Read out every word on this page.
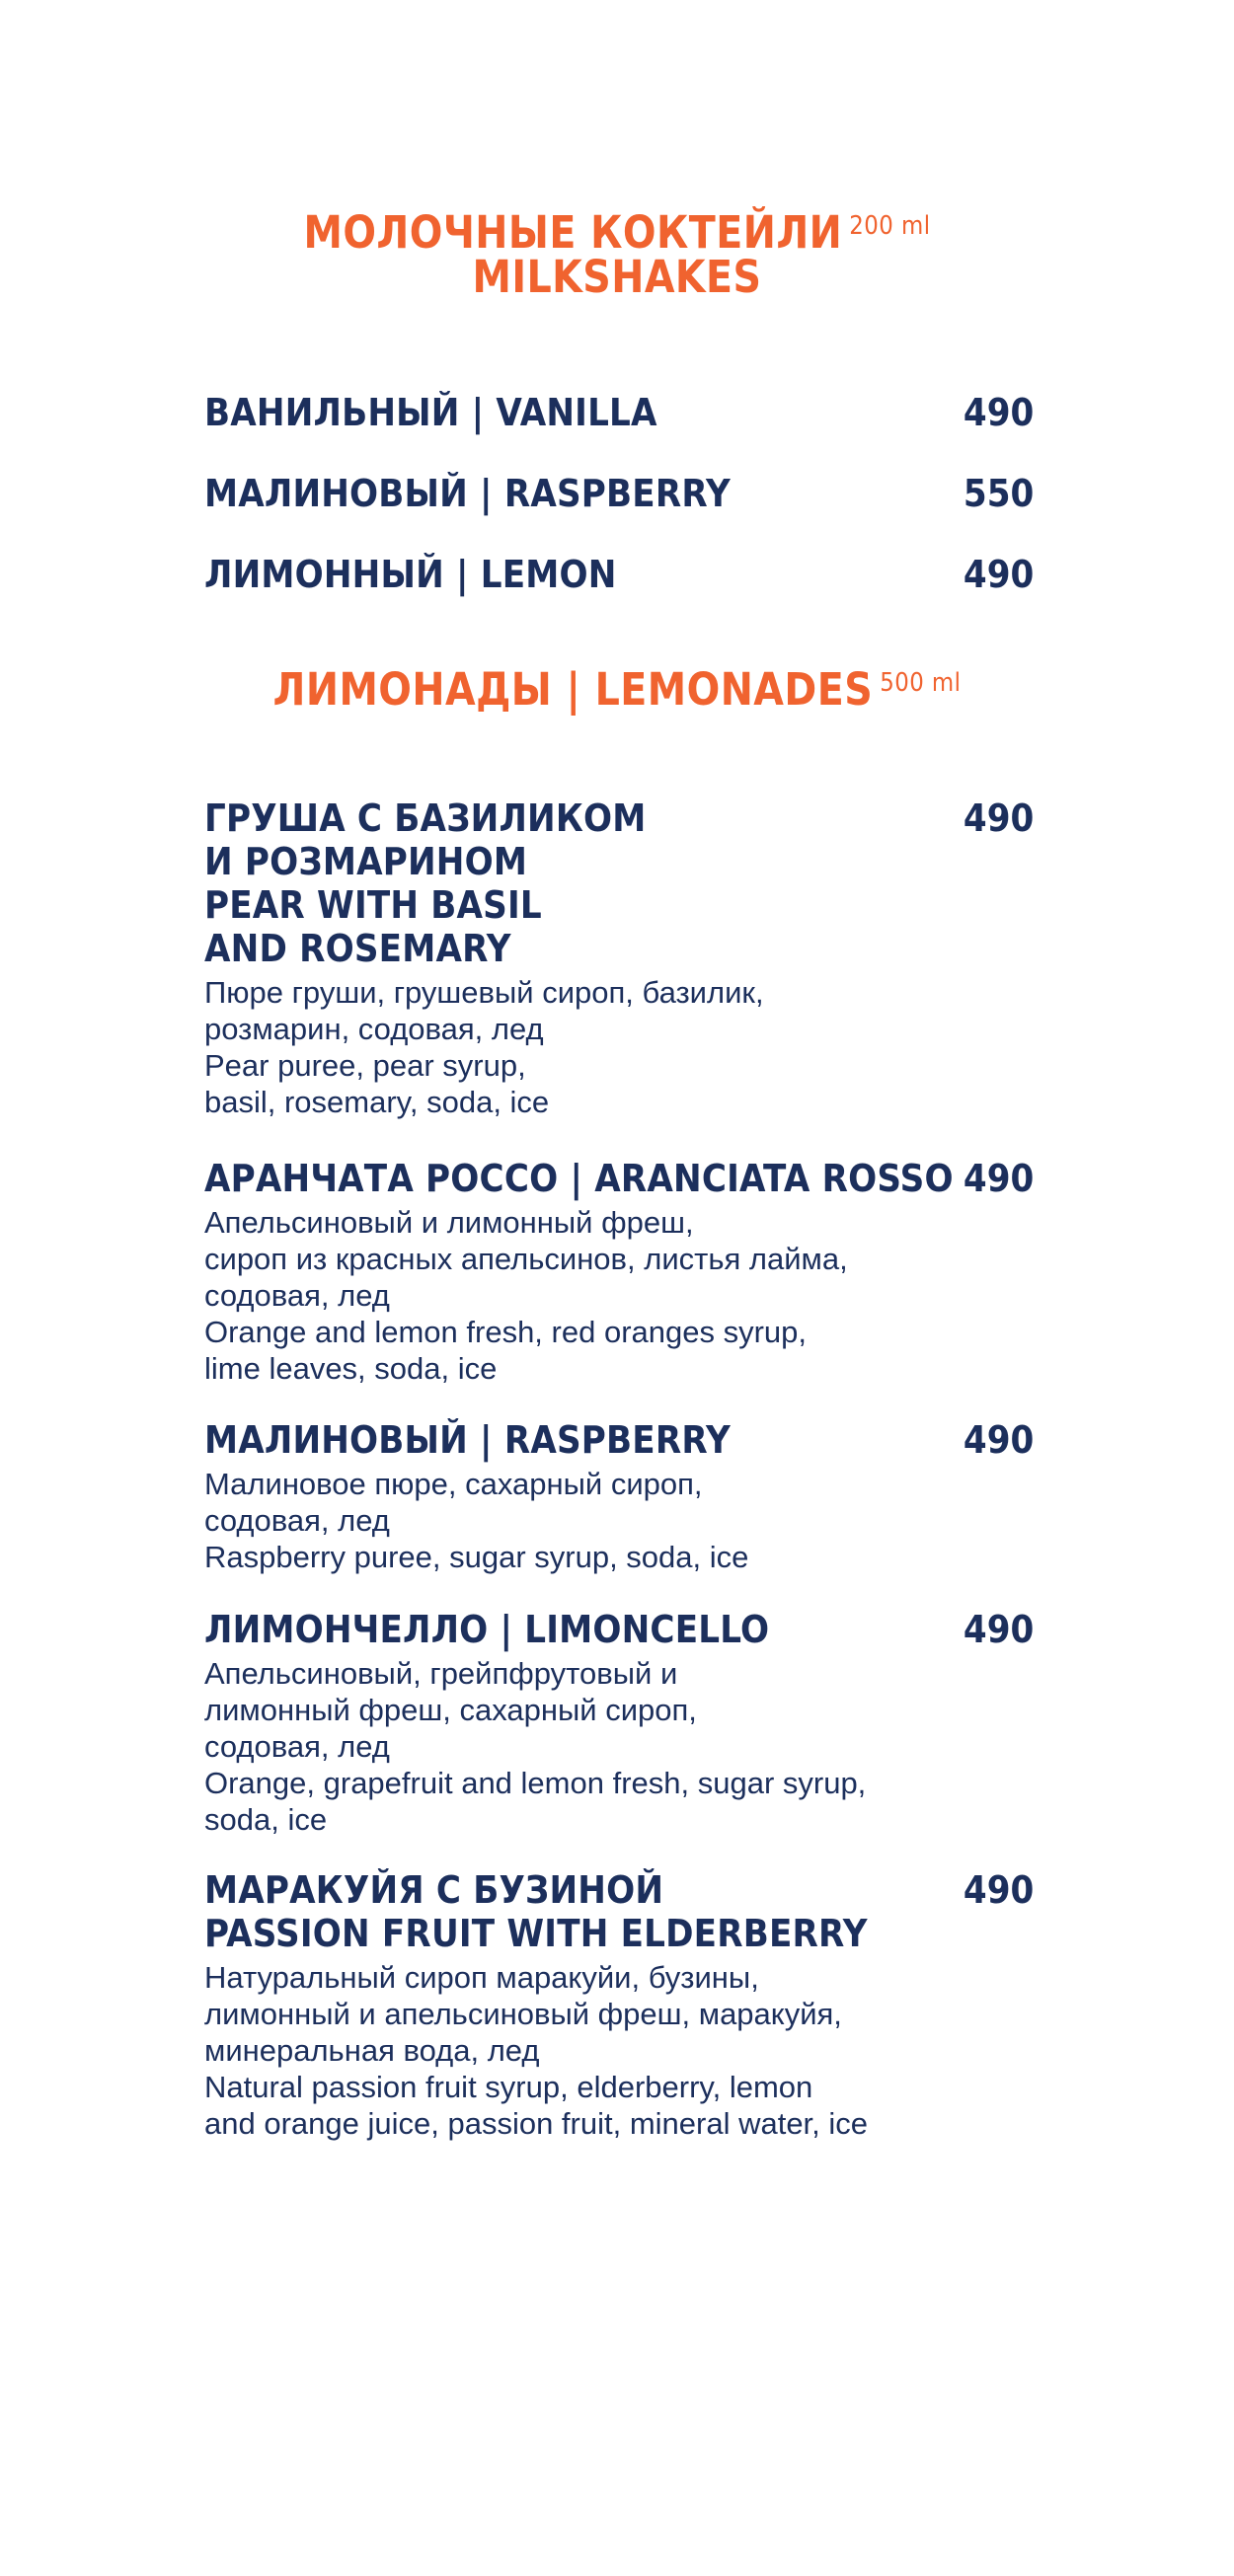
МОЛОЧНЫЕ КОКТЕЙЛИ $^{200 ml}$
MILKSHAKES
ВАНИЛЬНЫЙ | VANILLA	490
МАЛИНОВЫЙ | RASPBERRY	550
ЛИМОННЫЙ | LEMON	490
ЛИМОНАДЫ | LEMONADES $^{500 ml}$
ГРУША С БАЗИЛИКОМ
И РОЗМАРИНОМ
PEAR WITH BASIL
AND ROSEMARY
490
Пюре груши, грушевый сироп, базилик,
розмарин, содовая, лед
Pear puree, pear syrup,
basil, rosemary, soda, ice
АРАНЧАТА РОССО | ARANCIATA ROSSO 490
Апельсиновый и лимонный фреш,
сироп из красных апельсинов, листья лайма,
содовая, лед
Orange and lemon fresh, red oranges syrup,
lime leaves, soda, ice
МАЛИНОВЫЙ | RASPBERRY	490
Малиновое пюре, сахарный сироп,
содовая, лед
Raspberry puree, sugar syrup, soda, ice
ЛИМОНЧЕЛЛО | LIMONCELLO	490
Апельсиновый, грейпфрутовый и
лимонный фреш, сахарный сироп,
содовая, лед
Orange, grapefruit and lemon fresh, sugar syrup,
soda, ice
МАРАКУЙЯ С БУЗИНОЙ
PASSION FRUIT WITH ELDERBERRY
490
Натуральный сироп маракуйи, бузины,
лимонный и апельсиновый фреш, маракуйя,
минеральная вода, лед
Natural passion fruit syrup, elderberry, lemon
and orange juice, passion fruit, mineral water, ice
